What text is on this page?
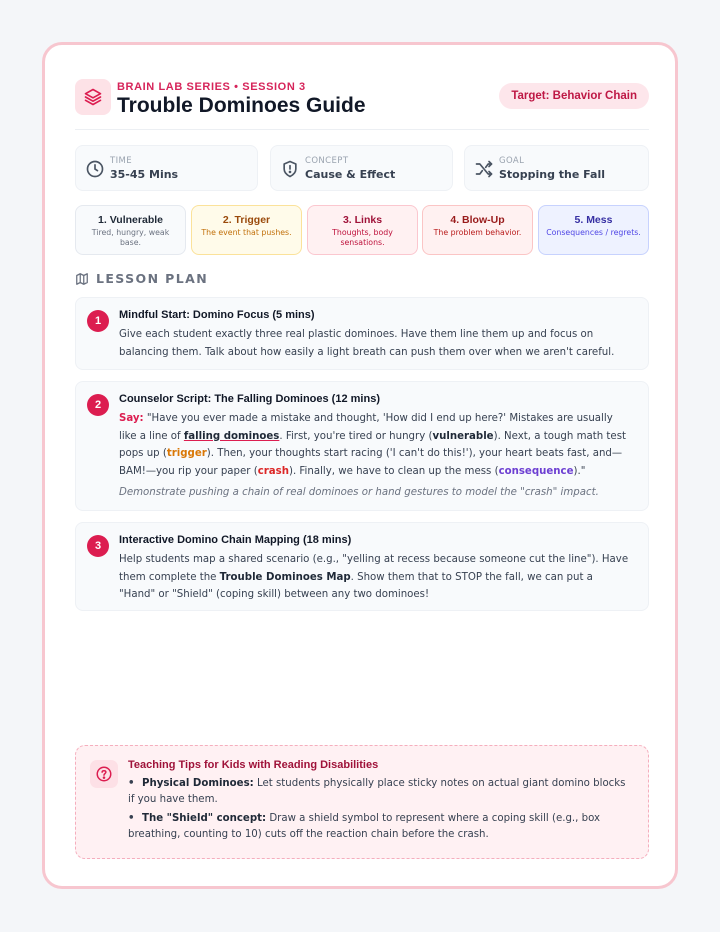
BRAIN LAB SERIES • SESSION 3
Trouble Dominoes Guide	Target: Behavior Chain
TIME
35-45 Mins
CONCEPT
Cause & Effect
GOAL
Stopping the Fall
1. Vulnerable
Tired, hungry, weak base.
2. Trigger
The event that pushes.
3. Links
Thoughts, body sensations.
4. Blow-Up
The problem behavior.
5. Mess
Consequences / regrets.
LESSON PLAN
1	Mindful Start: Domino Focus (5 mins)
Give each student exactly three real plastic dominoes. Have them line them up and focus on balancing them. Talk about how easily a light breath can push them over when we aren't careful.
2	Counselor Script: The Falling Dominoes (12 mins)
Say: "Have you ever made a mistake and thought, 'How did I end up here?' Mistakes are usually like a line of falling dominoes. First, you're tired or hungry (vulnerable). Next, a tough math test pops up (trigger). Then, your thoughts start racing ('I can't do this!'), your heart beats fast, and—BAM!—you rip your paper (crash). Finally, we have to clean up the mess (consequence)."
Demonstrate pushing a chain of real dominoes or hand gestures to model the "crash" impact.
3	Interactive Domino Chain Mapping (18 mins)
Help students map a shared scenario (e.g., "yelling at recess because someone cut the line"). Have them complete the Trouble Dominoes Map. Show them that to STOP the fall, we can put a "Hand" or "Shield" (coping skill) between any two dominoes!
Teaching Tips for Kids with Reading Disabilities
• Physical Dominoes: Let students physically place sticky notes on actual giant domino blocks if you have them.
• The "Shield" concept: Draw a shield symbol to represent where a coping skill (e.g., box breathing, counting to 10) cuts off the reaction chain before the crash.
